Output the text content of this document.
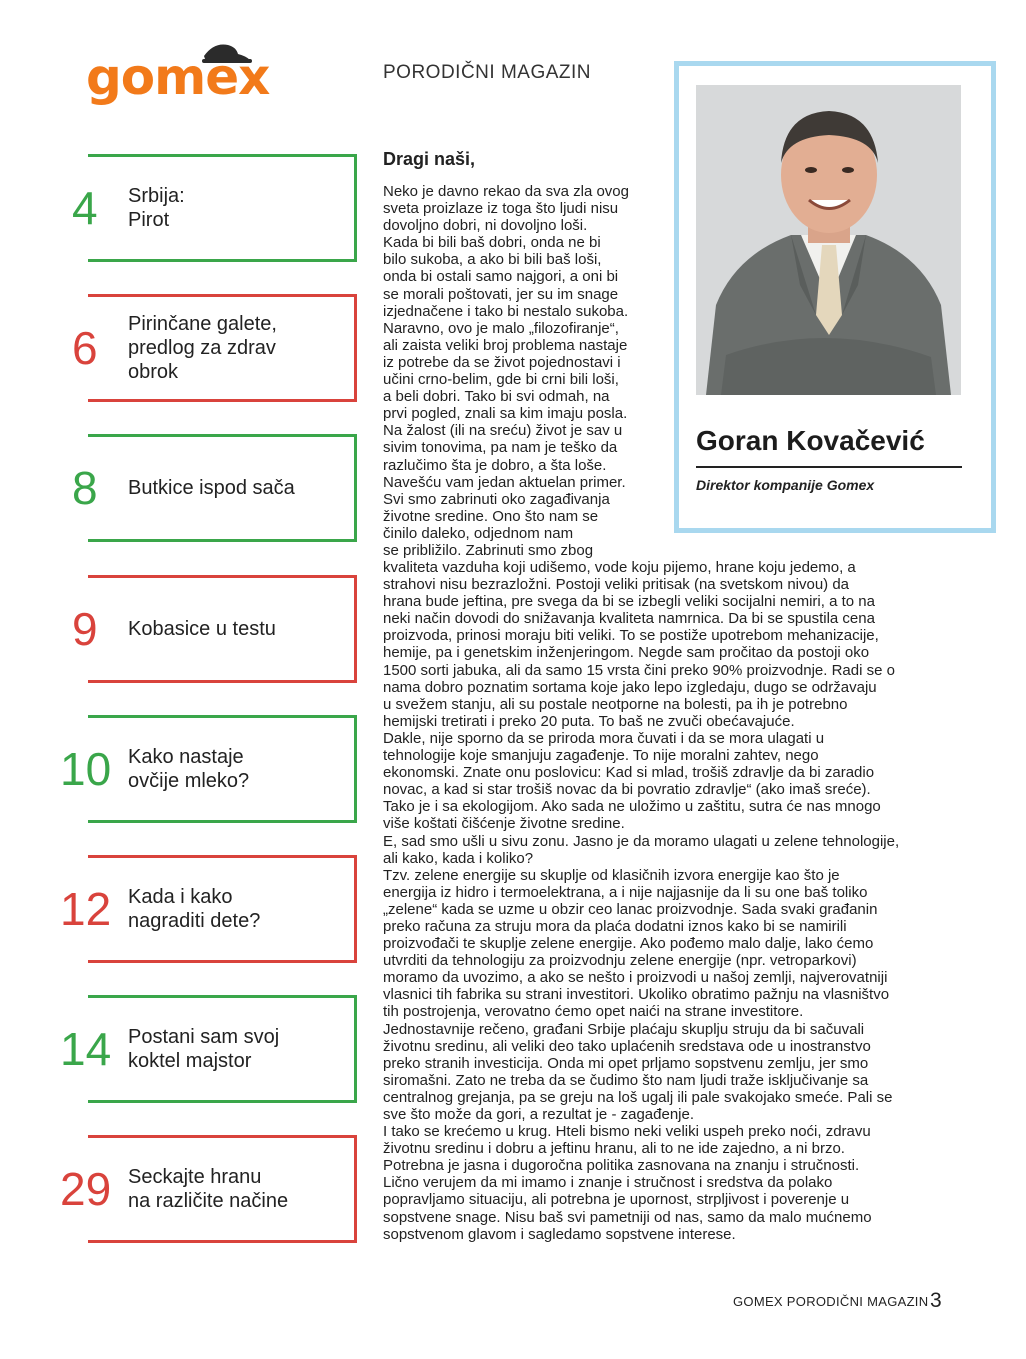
gomex	PORODIČNI MAGAZIN
4 Srbija:
Pirot
6 Pirinčane galete,
predlog za zdrav
obrok
8 Butkice ispod sača
9 Kobasice u testu
10 Kako nastaje
ovčije mleko?
12 Kada i kako
nagraditi dete?
14 Postani sam svoj
koktel majstor
29 Seckajte hranu
na različite načine
Goran Kovačević
Direktor kompanije Gomex
Dragi naši,
Neko je davno rekao da sva zla ovog
sveta proizlaze iz toga što ljudi nisu
dovoljno dobri, ni dovoljno loši.
Kada bi bili baš dobri, onda ne bi
bilo sukoba, a ako bi bili baš loši,
onda bi ostali samo najgori, a oni bi
se morali poštovati, jer su im snage
izjednačene i tako bi nestalo sukoba.
Naravno, ovo je malo „filozofiranje“,
ali zaista veliki broj problema nastaje
iz potrebe da se život pojednostavi i
učini crno-belim, gde bi crni bili loši,
a beli dobri. Tako bi svi odmah, na
prvi pogled, znali sa kim imaju posla.
Na žalost (ili na sreću) život je sav u
sivim tonovima, pa nam je teško da
razlučimo šta je dobro, a šta loše.
Navešću vam jedan aktuelan primer.
Svi smo zabrinuti oko zagađivanja
životne sredine. Ono što nam se
činilo daleko, odjednom nam
se približilo. Zabrinuti smo zbog
kvaliteta vazduha koji udišemo, vode koju pijemo, hrane koju jedemo, a
strahovi nisu bezrazložni. Postoji veliki pritisak (na svetskom nivou) da
hrana bude jeftina, pre svega da bi se izbegli veliki socijalni nemiri, a to na
neki način dovodi do snižavanja kvaliteta namrnica. Da bi se spustila cena
proizvoda, prinosi moraju biti veliki. To se postiže upotrebom mehanizacije,
hemije, pa i genetskim inženjeringom. Negde sam pročitao da postoji oko
1500 sorti jabuka, ali da samo 15 vrsta čini preko 90% proizvodnje. Radi se o
nama dobro poznatim sortama koje jako lepo izgledaju, dugo se održavaju
u svežem stanju, ali su postale neotporne na bolesti, pa ih je potrebno
hemijski tretirati i preko 20 puta. To baš ne zvuči obećavajuće.
Dakle, nije sporno da se priroda mora čuvati i da se mora ulagati u
tehnologije koje smanjuju zagađenje. To nije moralni zahtev, nego
ekonomski. Znate onu poslovicu: Kad si mlad, trošiš zdravlje da bi zaradio
novac, a kad si star trošiš novac da bi povratio zdravlje“ (ako imaš sreće).
Tako je i sa ekologijom. Ako sada ne uložimo u zaštitu, sutra će nas mnogo
više koštati čišćenje životne sredine.
E, sad smo ušli u sivu zonu. Jasno je da moramo ulagati u zelene tehnologije,
ali kako, kada i koliko?
Tzv. zelene energije su skuplje od klasičnih izvora energije kao što je
energija iz hidro i termoelektrana, a i nije najjasnije da li su one baš toliko
„zelene“ kada se uzme u obzir ceo lanac proizvodnje. Sada svaki građanin
preko računa za struju mora da plaća dodatni iznos kako bi se namirili
proizvođači te skuplje zelene energije. Ako pođemo malo dalje, lako ćemo
utvrditi da tehnologiju za proizvodnju zelene energije (npr. vetroparkovi)
moramo da uvozimo, a ako se nešto i proizvodi u našoj zemlji, najverovatniji
vlasnici tih fabrika su strani investitori. Ukoliko obratimo pažnju na vlasništvo
tih postrojenja, verovatno ćemo opet naići na strane investitore.
Jednostavnije rečeno, građani Srbije plaćaju skuplju struju da bi sačuvali
životnu sredinu, ali veliki deo tako uplaćenih sredstava ode u inostranstvo
preko stranih investicija. Onda mi opet prljamo sopstvenu zemlju, jer smo
siromašni. Zato ne treba da se čudimo što nam ljudi traže isključivanje sa
centralnog grejanja, pa se greju na loš ugalj ili pale svakojako smeće. Pali se
sve što može da gori, a rezultat je - zagađenje.
I tako se krećemo u krug. Hteli bismo neki veliki uspeh preko noći, zdravu
životnu sredinu i dobru a jeftinu hranu, ali to ne ide zajedno, a ni brzo.
Potrebna je jasna i dugoročna politika zasnovana na znanju i stručnosti.
Lično verujem da mi imamo i znanje i stručnost i sredstva da polako
popravljamo situaciju, ali potrebna je upornost, strpljivost i poverenje u
sopstvene snage. Nisu baš svi pametniji od nas, samo da malo mućnemo
sopstvenom glavom i sagledamo sopstvene interese.
GOMEX PORODIČNI MAGAZIN 3
